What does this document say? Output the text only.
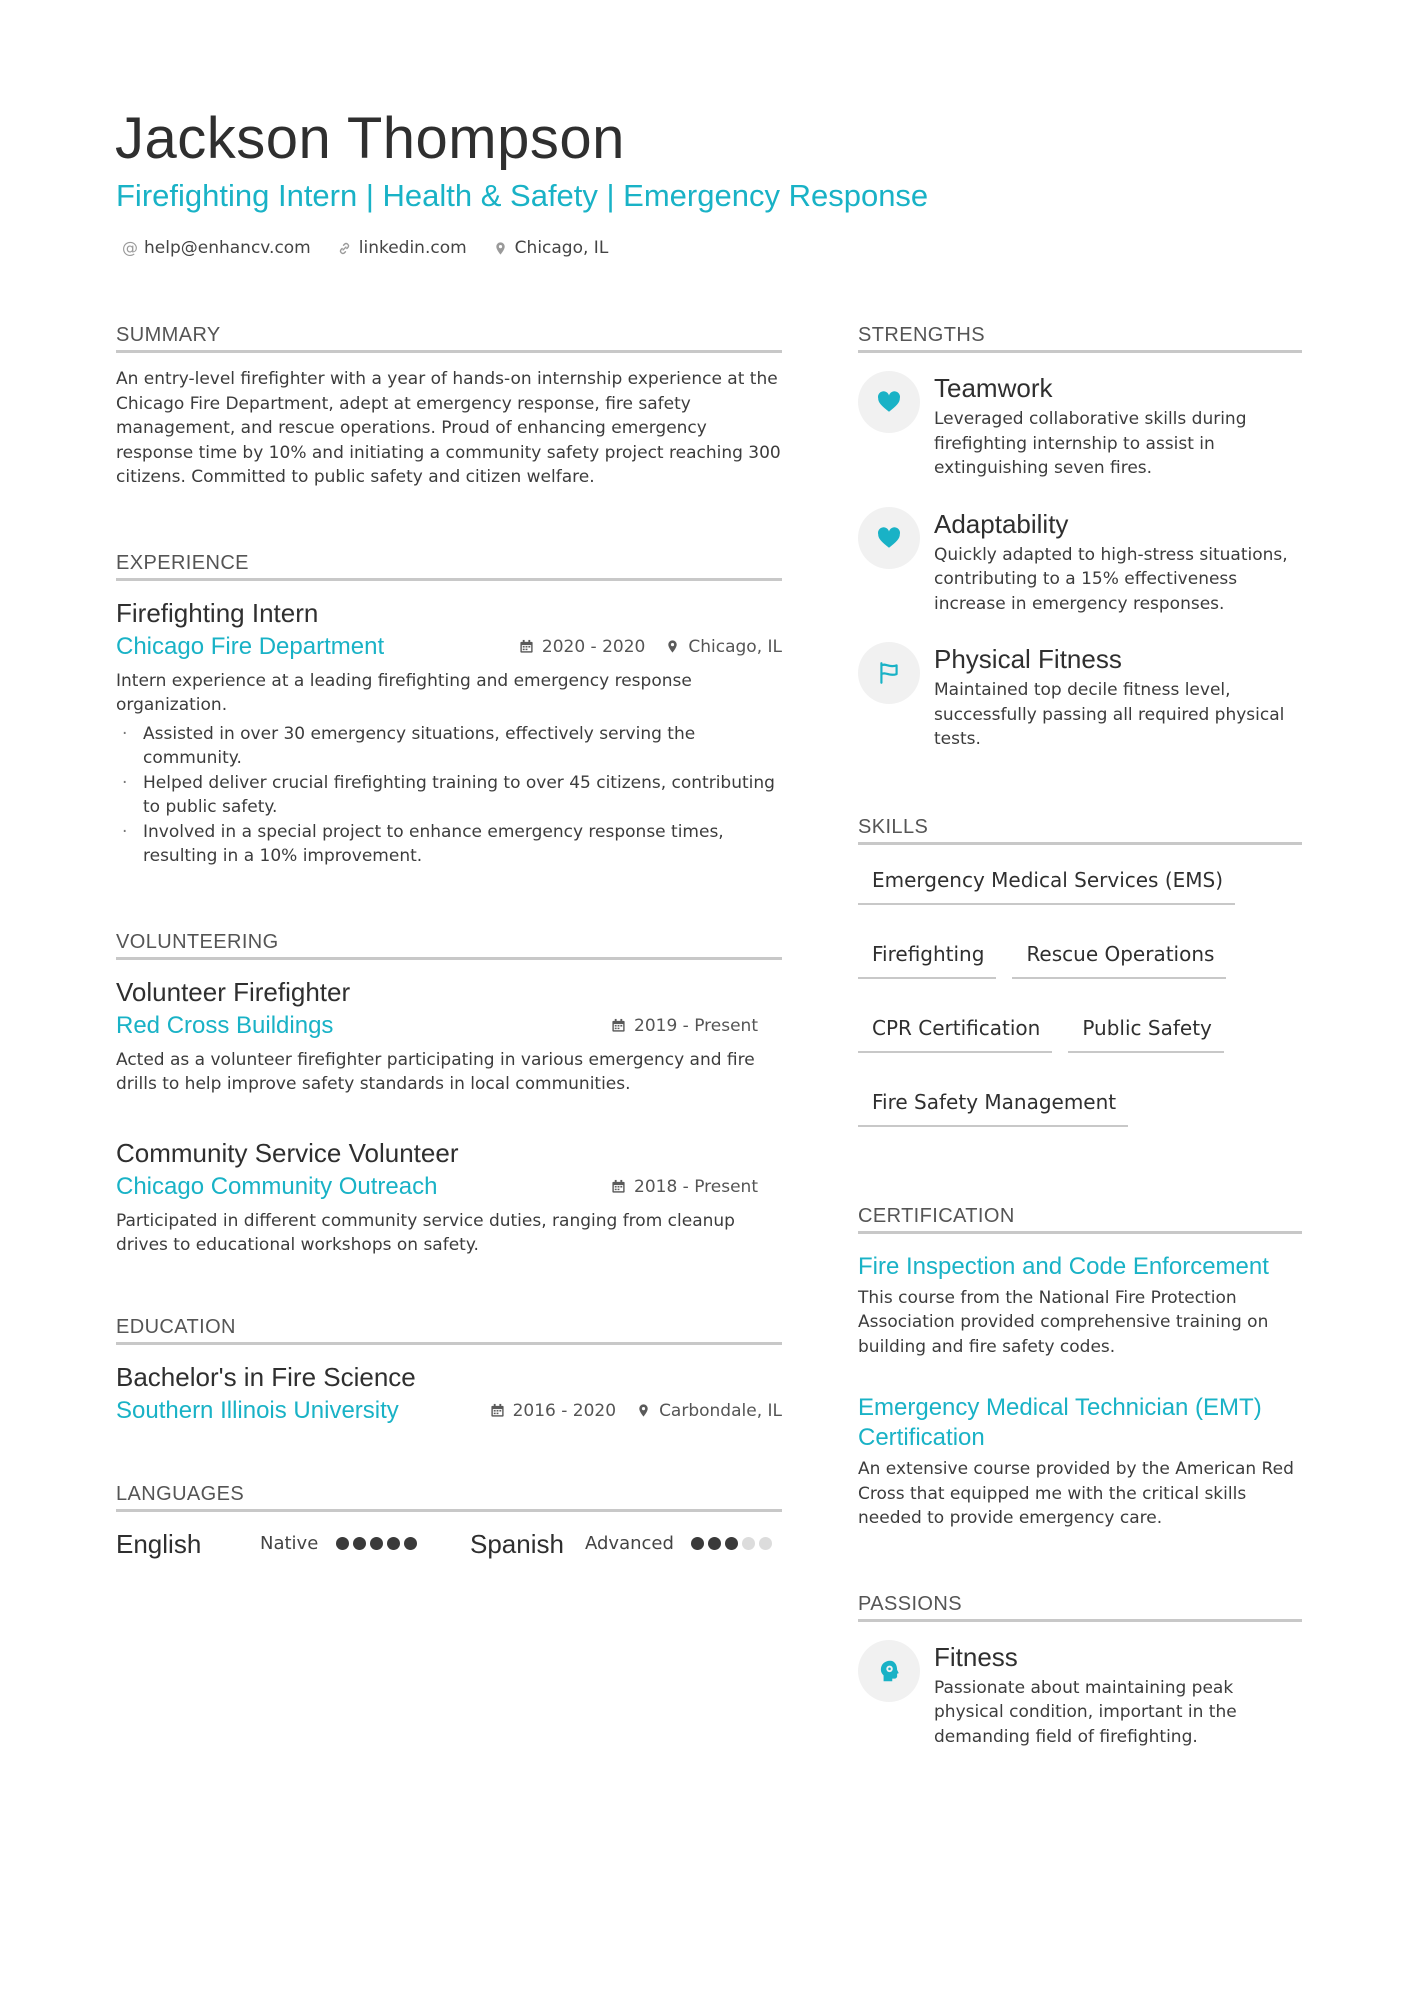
Jackson Thompson
Firefighting Intern | Health & Safety | Emergency Response
@ help@enhancv.com	linkedin.com	Chicago, IL
SUMMARY
An entry-level firefighter with a year of hands-on internship experience at the Chicago Fire Department, adept at emergency response, fire safety management, and rescue operations. Proud of enhancing emergency response time by 10% and initiating a community safety project reaching 300 citizens. Committed to public safety and citizen welfare.
EXPERIENCE
Firefighting Intern
Chicago Fire Department	2020 - 2020	Chicago, IL
Intern experience at a leading firefighting and emergency response organization.
· Assisted in over 30 emergency situations, effectively serving the community.
· Helped deliver crucial firefighting training to over 45 citizens, contributing to public safety.
· Involved in a special project to enhance emergency response times, resulting in a 10% improvement.
VOLUNTEERING
Volunteer Firefighter
Red Cross Buildings	2019 - Present
Acted as a volunteer firefighter participating in various emergency and fire drills to help improve safety standards in local communities.
Community Service Volunteer
Chicago Community Outreach	2018 - Present
Participated in different community service duties, ranging from cleanup drives to educational workshops on safety.
EDUCATION
Bachelor's in Fire Science
Southern Illinois University	2016 - 2020	Carbondale, IL
LANGUAGES
English	Native	Spanish	Advanced
STRENGTHS
Teamwork
Leveraged collaborative skills during firefighting internship to assist in extinguishing seven fires.
Adaptability
Quickly adapted to high-stress situations, contributing to a 15% effectiveness increase in emergency responses.
Physical Fitness
Maintained top decile fitness level, successfully passing all required physical tests.
SKILLS
Emergency Medical Services (EMS)
Firefighting	Rescue Operations
CPR Certification	Public Safety
Fire Safety Management
CERTIFICATION
Fire Inspection and Code Enforcement
This course from the National Fire Protection Association provided comprehensive training on building and fire safety codes.
Emergency Medical Technician (EMT) Certification
An extensive course provided by the American Red Cross that equipped me with the critical skills needed to provide emergency care.
PASSIONS
Fitness
Passionate about maintaining peak physical condition, important in the demanding field of firefighting.
